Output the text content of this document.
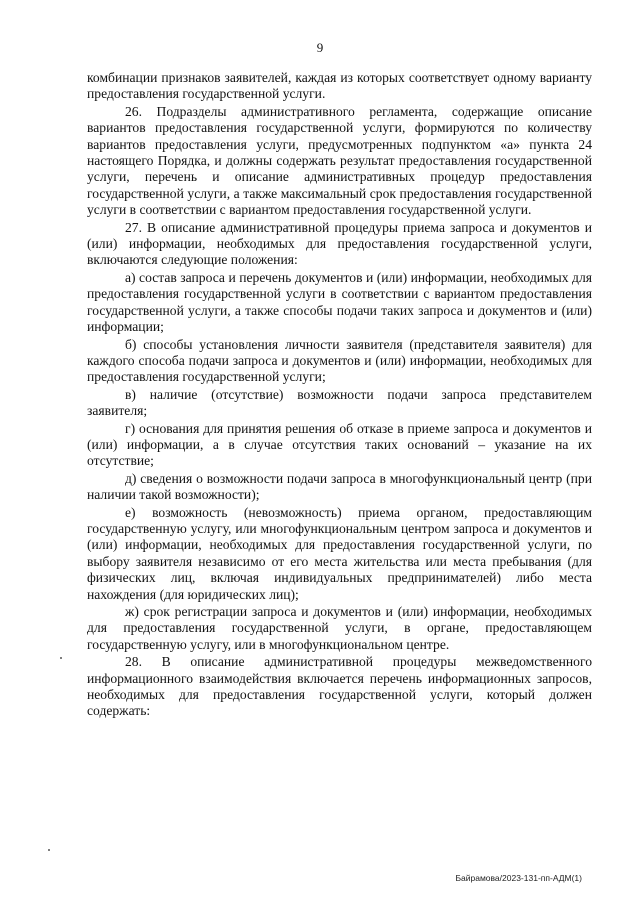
9

комбинации признаков заявителей, каждая из которых соответствует одному варианту предоставления государственной услуги.

26. Подразделы административного регламента, содержащие описание вариантов предоставления государственной услуги, формируются по количеству вариантов предоставления услуги, предусмотренных подпунктом «а» пункта 24 настоящего Порядка, и должны содержать результат предоставления государственной услуги, перечень и описание административных процедур предоставления государственной услуги, а также максимальный срок предоставления государственной услуги в соответствии с вариантом предоставления государственной услуги.

27. В описание административной процедуры приема запроса и документов и (или) информации, необходимых для предоставления государственной услуги, включаются следующие положения:

а) состав запроса и перечень документов и (или) информации, необходимых для предоставления государственной услуги в соответствии с вариантом предоставления государственной услуги, а также способы подачи таких запроса и документов и (или) информации;

б) способы установления личности заявителя (представителя заявителя) для каждого способа подачи запроса и документов и (или) информации, необходимых для предоставления государственной услуги;

в) наличие (отсутствие) возможности подачи запроса представителем заявителя;

г) основания для принятия решения об отказе в приеме запроса и документов и (или) информации, а в случае отсутствия таких оснований – указание на их отсутствие;

д) сведения о возможности подачи запроса в многофункциональный центр (при наличии такой возможности);

е) возможность (невозможность) приема органом, предоставляющим государственную услугу, или многофункциональным центром запроса и документов и (или) информации, необходимых для предоставления государственной услуги, по выбору заявителя независимо от его места жительства или места пребывания (для физических лиц, включая индивидуальных предпринимателей) либо места нахождения (для юридических лиц);

ж) срок регистрации запроса и документов и (или) информации, необходимых для предоставления государственной услуги, в органе, предоставляющем государственную услугу, или в многофункциональном центре.

28. В описание административной процедуры межведомственного информационного взаимодействия включается перечень информационных запросов, необходимых для предоставления государственной услуги, который должен содержать:

Байрамова/2023-131-пп-АДМ(1)
